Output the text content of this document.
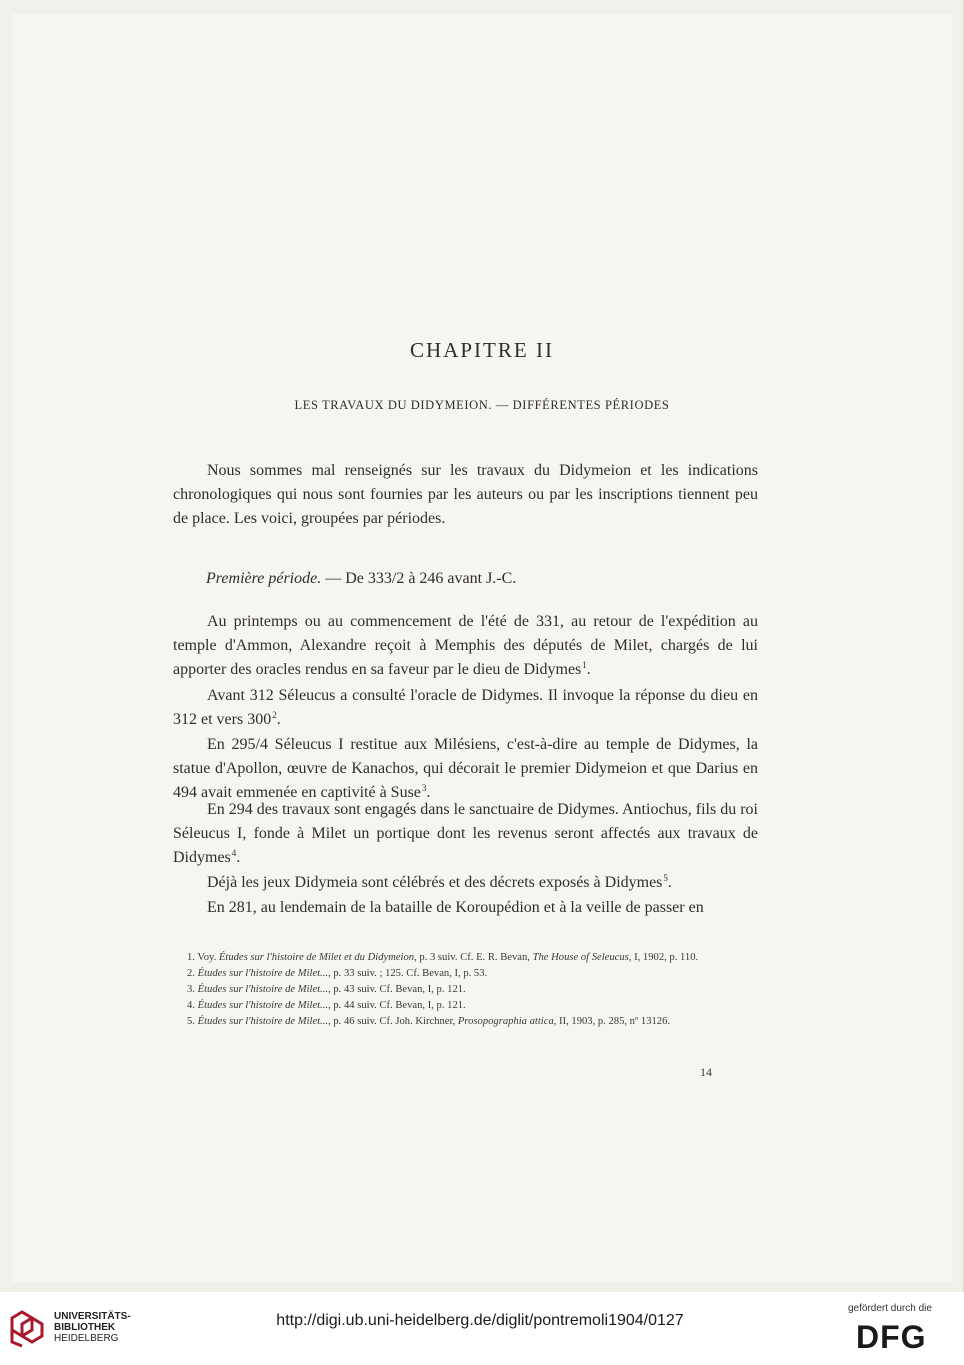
CHAPITRE II
LES TRAVAUX DU DIDYMEION. — DIFFÉRENTES PÉRIODES

Nous sommes mal renseignés sur les travaux du Didymeion et les indications chronologiques qui nous sont fournies par les auteurs ou par les inscriptions tiennent peu de place. Les voici, groupées par périodes.

Première période. — De 333/2 à 246 avant J.-C.

Au printemps ou au commencement de l'été de 331, au retour de l'expédition au temple d'Ammon, Alexandre reçoit à Memphis des députés de Milet, chargés de lui apporter des oracles rendus en sa faveur par le dieu de Didymes$^1$.

Avant 312 Séleucus a consulté l'oracle de Didymes. Il invoque la réponse du dieu en 312 et vers $300^2$.

En 295/4 Séleucus I restitue aux Milésiens, c'est-à-dire au temple de Didymes, la statue d'Apollon, œuvre de Kanachos, qui décorait le premier Didymeion et que Darius en 494 avait emmenée en captivité à Suse$^3$.

En 294 des travaux sont engagés dans le sanctuaire de Didymes. Antiochus, fils du roi Séleucus I, fonde à Milet un portique dont les revenus seront affectés aux travaux de Didymes$^4$.

Déjà les jeux Didymeia sont célébrés et des décrets exposés à Didymes$^5$.

En 281, au lendemain de la bataille de Koroupédion et à la veille de passer en

1. Voy. Études sur l'histoire de Milet et du Didymeion, p. 3 suiv. Cf. E. R. Bevan, The House of Seleucus, I, 1902, p. 110.

2. Études sur l'histoire de Milet..., p. 33 suiv. ; 125. Cf. Bevan, I, p. 53.

3. Études sur l'histoire de Milet..., p. 43 suiv. Cf. Bevan, I, p. 121.

4. Études sur l'histoire de Milet..., p. 44 suiv. Cf. Bevan, I, p. 121.

5. Études sur l'histoire de Milet..., p. 46 suiv. Cf. Joh. Kirchner, Prosopographia attica, II, 1903, p. 285, nº 13126.

14
UNIVERSITÄTS-
BIBLIOTHEK
HEIDELBERG
http://digi.ub.uni-heidelberg.de/diglit/pontremoli1904/0127
gefördert durch die
DFG
